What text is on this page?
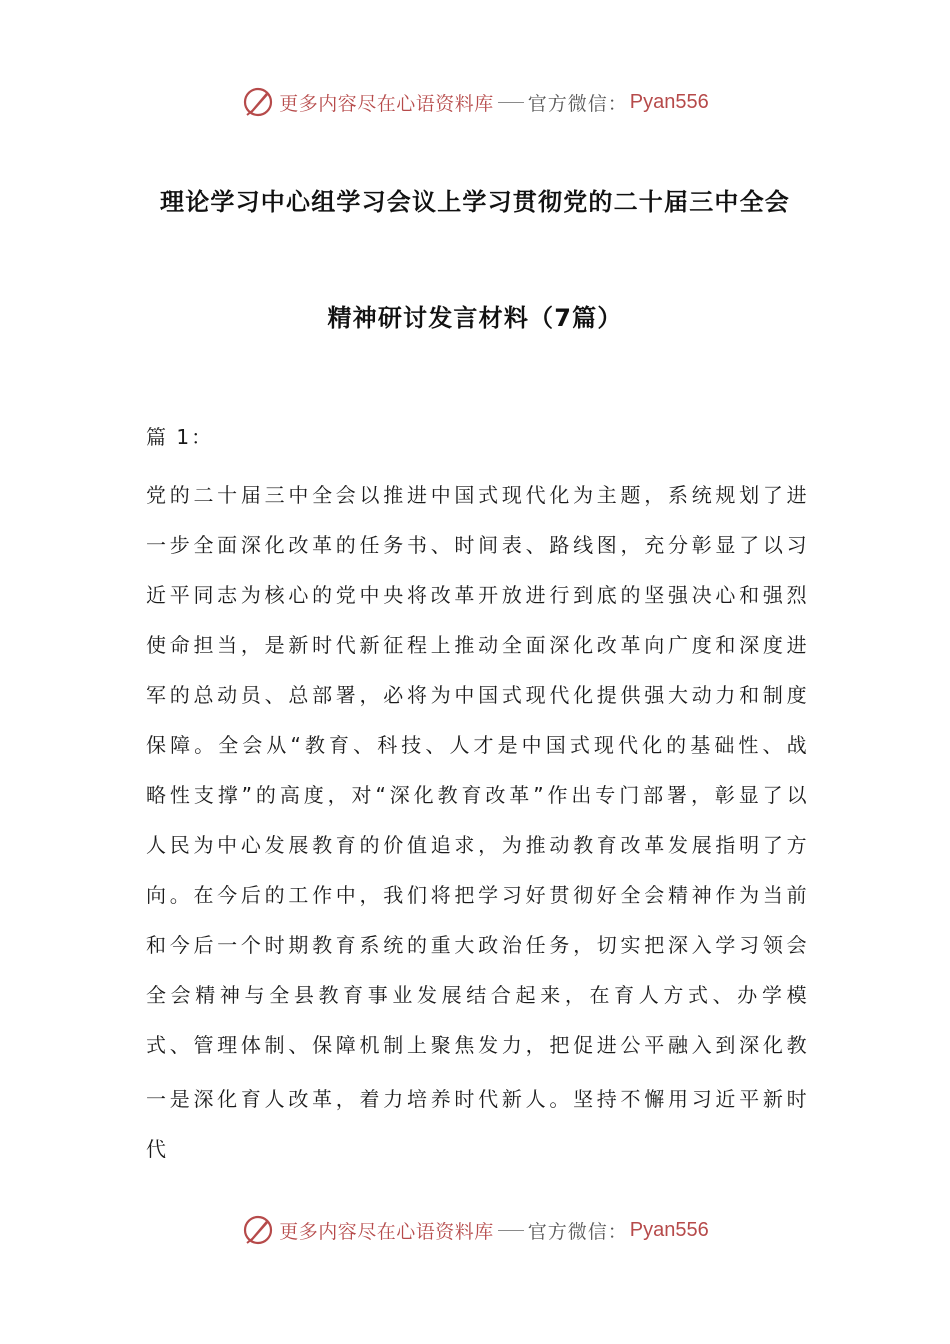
更多内容尽在心语资料库 官方微信： Pyan556
理论学习中心组学习会议上学习贯彻党的二十届三中全会
精神研讨发言材料（7篇）

篇 1：

党的二十届三中全会以推进中国式现代化为主题，系统规划了进一步全面深化改革的任务书、时间表、路线图，充分彰显了以习近平同志为核心的党中央将改革开放进行到底的坚强决心和强烈使命担当，是新时代新征程上推动全面深化改革向广度和深度进军的总动员、总部署，必将为中国式现代化提供强大动力和制度保障。全会从“教育、科技、人才是中国式现代化的基础性、战略性支撑”的高度，对“深化教育改革”作出专门部署，彰显了以人民为中心发展教育的价值追求，为推动教育改革发展指明了方向。在今后的工作中，我们将把学习好贯彻好全会精神作为当前和今后一个时期教育系统的重大政治任务，切实把深入学习领会全会精神与全县教育事业发展结合起来，在育人方式、办学模式、管理体制、保障机制上聚焦发力，把促进公平融入到深化教

一是深化育人改革，着力培养时代新人。坚持不懈用习近平新时代

更多内容尽在心语资料库 官方微信： Pyan556
